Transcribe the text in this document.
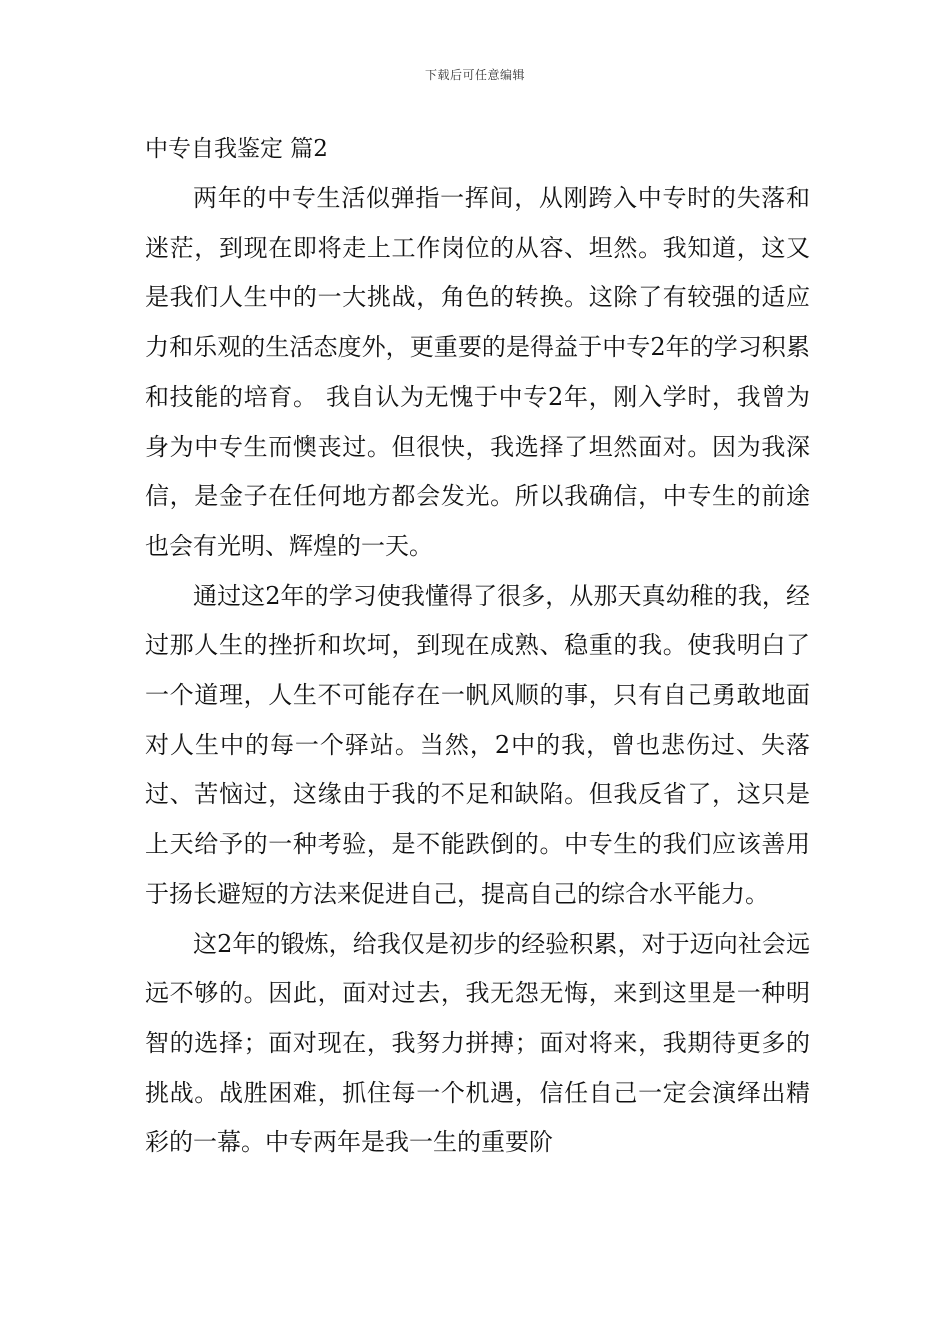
下载后可任意编辑
中专自我鉴定 篇2

两年的中专生活似弹指一挥间，从刚跨入中专时的失落和迷茫，到现在即将走上工作岗位的从容、坦然。我知道，这又是我们人生中的一大挑战，角色的转换。这除了有较强的适应力和乐观的生活态度外，更重要的是得益于中专2年的学习积累和技能的培育。 我自认为无愧于中专2年，刚入学时，我曾为身为中专生而懊丧过。但很快，我选择了坦然面对。因为我深信，是金子在任何地方都会发光。所以我确信，中专生的前途也会有光明、辉煌的一天。

通过这2年的学习使我懂得了很多，从那天真幼稚的我，经过那人生的挫折和坎坷，到现在成熟、稳重的我。使我明白了一个道理，人生不可能存在一帆风顺的事，只有自己勇敢地面对人生中的每一个驿站。当然，2中的我，曾也悲伤过、失落过、苦恼过，这缘由于我的不足和缺陷。但我反省了，这只是上天给予的一种考验，是不能跌倒的。中专生的我们应该善用于扬长避短的方法来促进自己，提高自己的综合水平能力。

这2年的锻炼，给我仅是初步的经验积累，对于迈向社会远远不够的。因此，面对过去，我无怨无悔，来到这里是一种明智的选择；面对现在，我努力拼搏；面对将来，我期待更多的挑战。战胜困难，抓住每一个机遇，信任自己一定会演绎出精彩的一幕。中专两年是我一生的重要阶
